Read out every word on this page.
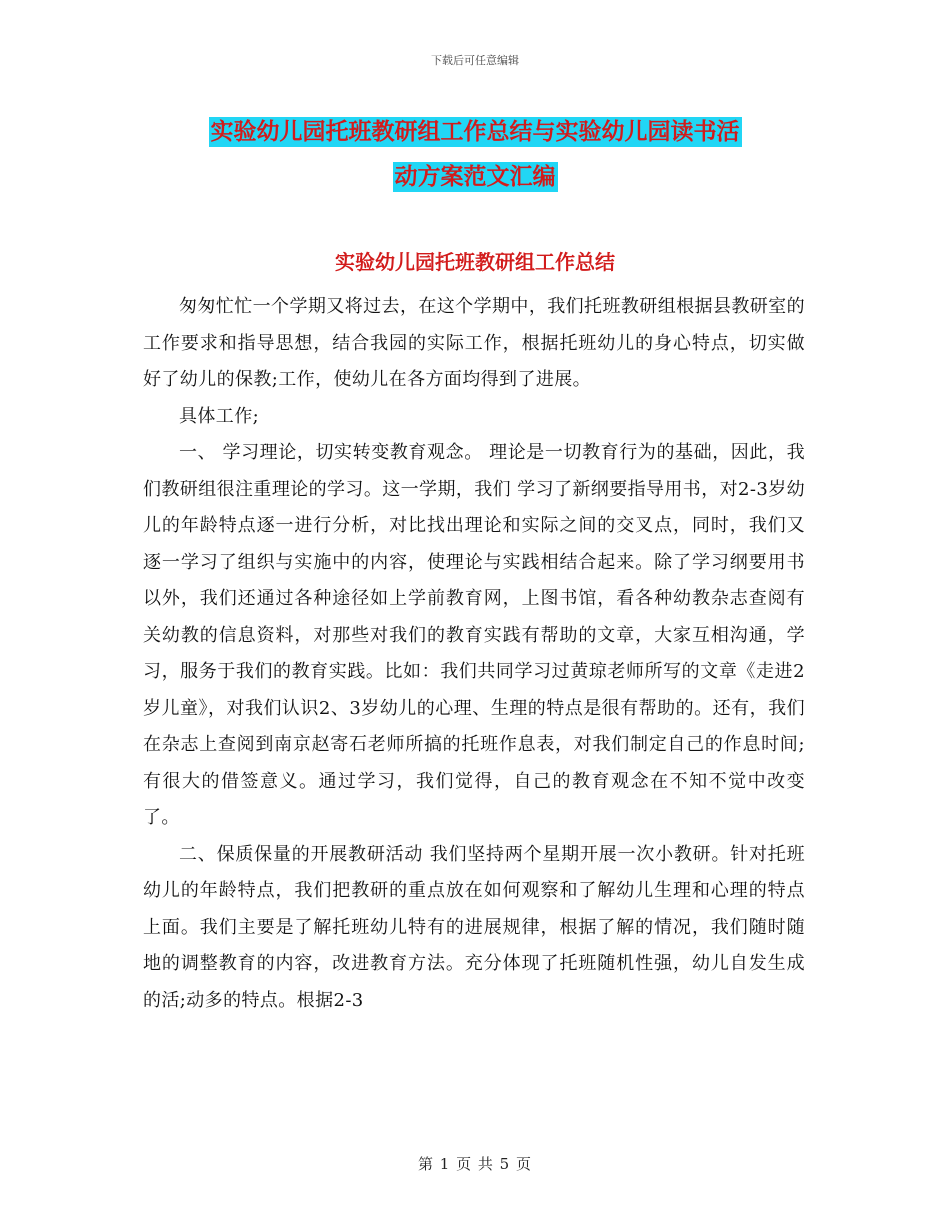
下载后可任意编辑
实验幼儿园托班教研组工作总结与实验幼儿园读书活
动方案范文汇编
实验幼儿园托班教研组工作总结

匆匆忙忙一个学期又将过去，在这个学期中，我们托班教研组根据县教研室的工作要求和指导思想，结合我园的实际工作，根据托班幼儿的身心特点，切实做好了幼儿的保教;工作，使幼儿在各方面均得到了进展。

具体工作;

一、 学习理论，切实转变教育观念。 理论是一切教育行为的基础，因此，我们教研组很注重理论的学习。这一学期，我们 学习了新纲要指导用书，对2-3岁幼儿的年龄特点逐一进行分析，对比找出理论和实际之间的交叉点，同时，我们又逐一学习了组织与实施中的内容，使理论与实践相结合起来。除了学习纲要用书以外，我们还通过各种途径如上学前教育网，上图书馆，看各种幼教杂志查阅有关幼教的信息资料，对那些对我们的教育实践有帮助的文章，大家互相沟通，学习，服务于我们的教育实践。比如：我们共同学习过黄琼老师所写的文章《走进2岁儿童》，对我们认识2、3岁幼儿的心理、生理的特点是很有帮助的。还有，我们在杂志上查阅到南京赵寄石老师所搞的托班作息表，对我们制定自己的作息时间;有很大的借签意义。通过学习，我们觉得，自己的教育观念在不知不觉中改变了。

二、保质保量的开展教研活动 我们坚持两个星期开展一次小教研。针对托班幼儿的年龄特点，我们把教研的重点放在如何观察和了解幼儿生理和心理的特点上面。我们主要是了解托班幼儿特有的进展规律，根据了解的情况，我们随时随地的调整教育的内容，改进教育方法。充分体现了托班随机性强，幼儿自发生成的活;动多的特点。根据2-3

第 1 页 共 5 页
